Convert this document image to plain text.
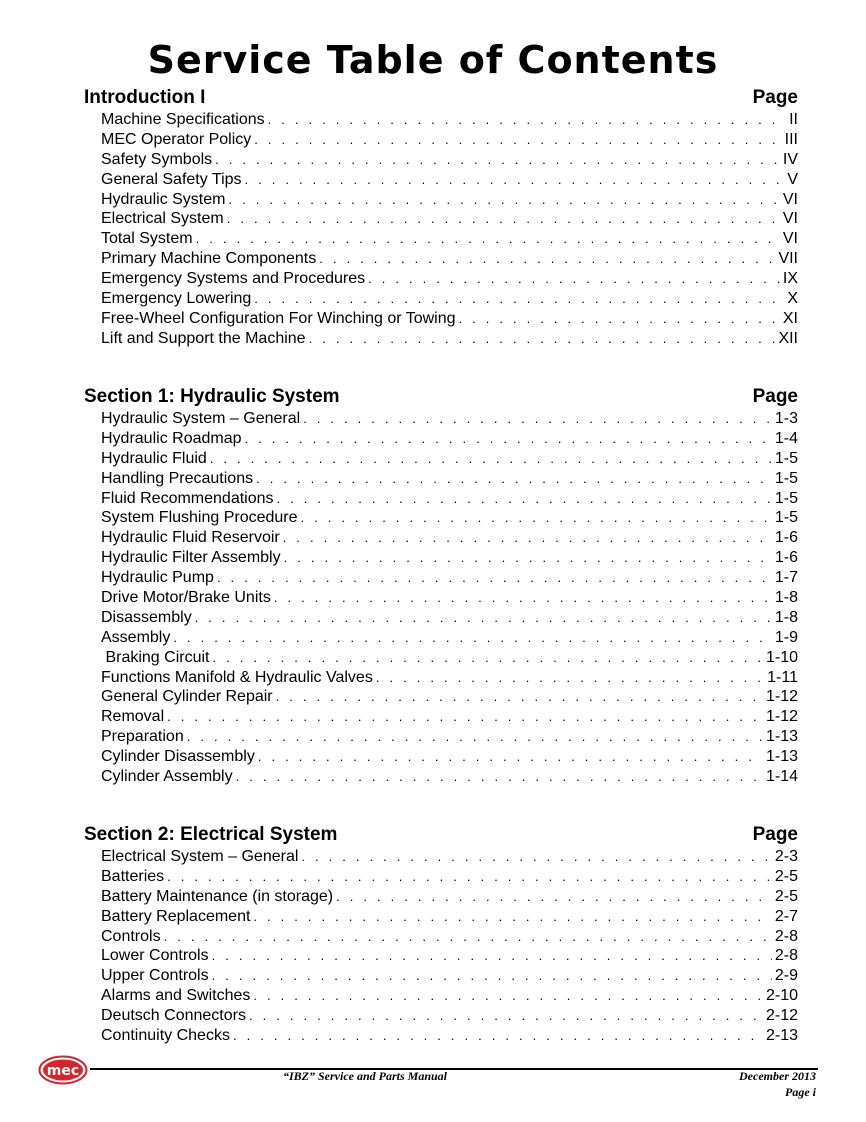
Service Table of Contents
Introduction I	Page
Machine Specifications . . .	II
MEC Operator Policy . . .	III
Safety Symbols . . .	IV
General Safety Tips . . .	V
Hydraulic System . . .	VI
Electrical System . . .	VI
Total System . . .	VI
Primary Machine Components . . .	VII
Emergency Systems and Procedures . . .	IX
Emergency Lowering . . .	X
Free-Wheel Configuration For Winching or Towing . . .	XI
Lift and Support the Machine . . .	XII
Section 1: Hydraulic System	Page
Hydraulic System – General . . .	1-3
Hydraulic Roadmap . . .	1-4
Hydraulic Fluid . . .	1-5
Handling Precautions . . .	1-5
Fluid Recommendations . . .	1-5
System Flushing Procedure . . .	1-5
Hydraulic Fluid Reservoir . . .	1-6
Hydraulic Filter Assembly . . .	1-6
Hydraulic Pump . . .	1-7
Drive Motor/Brake Units . . .	1-8
Disassembly . . .	1-8
Assembly . . .	1-9
Braking Circuit . . .	1-10
Functions Manifold & Hydraulic Valves . . .	1-11
General Cylinder Repair . . .	1-12
Removal . . .	1-12
Preparation . . .	1-13
Cylinder Disassembly . . .	1-13
Cylinder Assembly . . .	1-14
Section 2: Electrical System	Page
Electrical System – General . . .	2-3
Batteries . . .	2-5
Battery Maintenance (in storage) . . .	2-5
Battery Replacement . . .	2-7
Controls . . .	2-8
Lower Controls . . .	2-8
Upper Controls . . .	2-9
Alarms and Switches . . .	2-10
Deutsch Connectors . . .	2-12
Continuity Checks . . .	2-13
mec	“IBZ” Service and Parts Manual	December 2013
Page i
